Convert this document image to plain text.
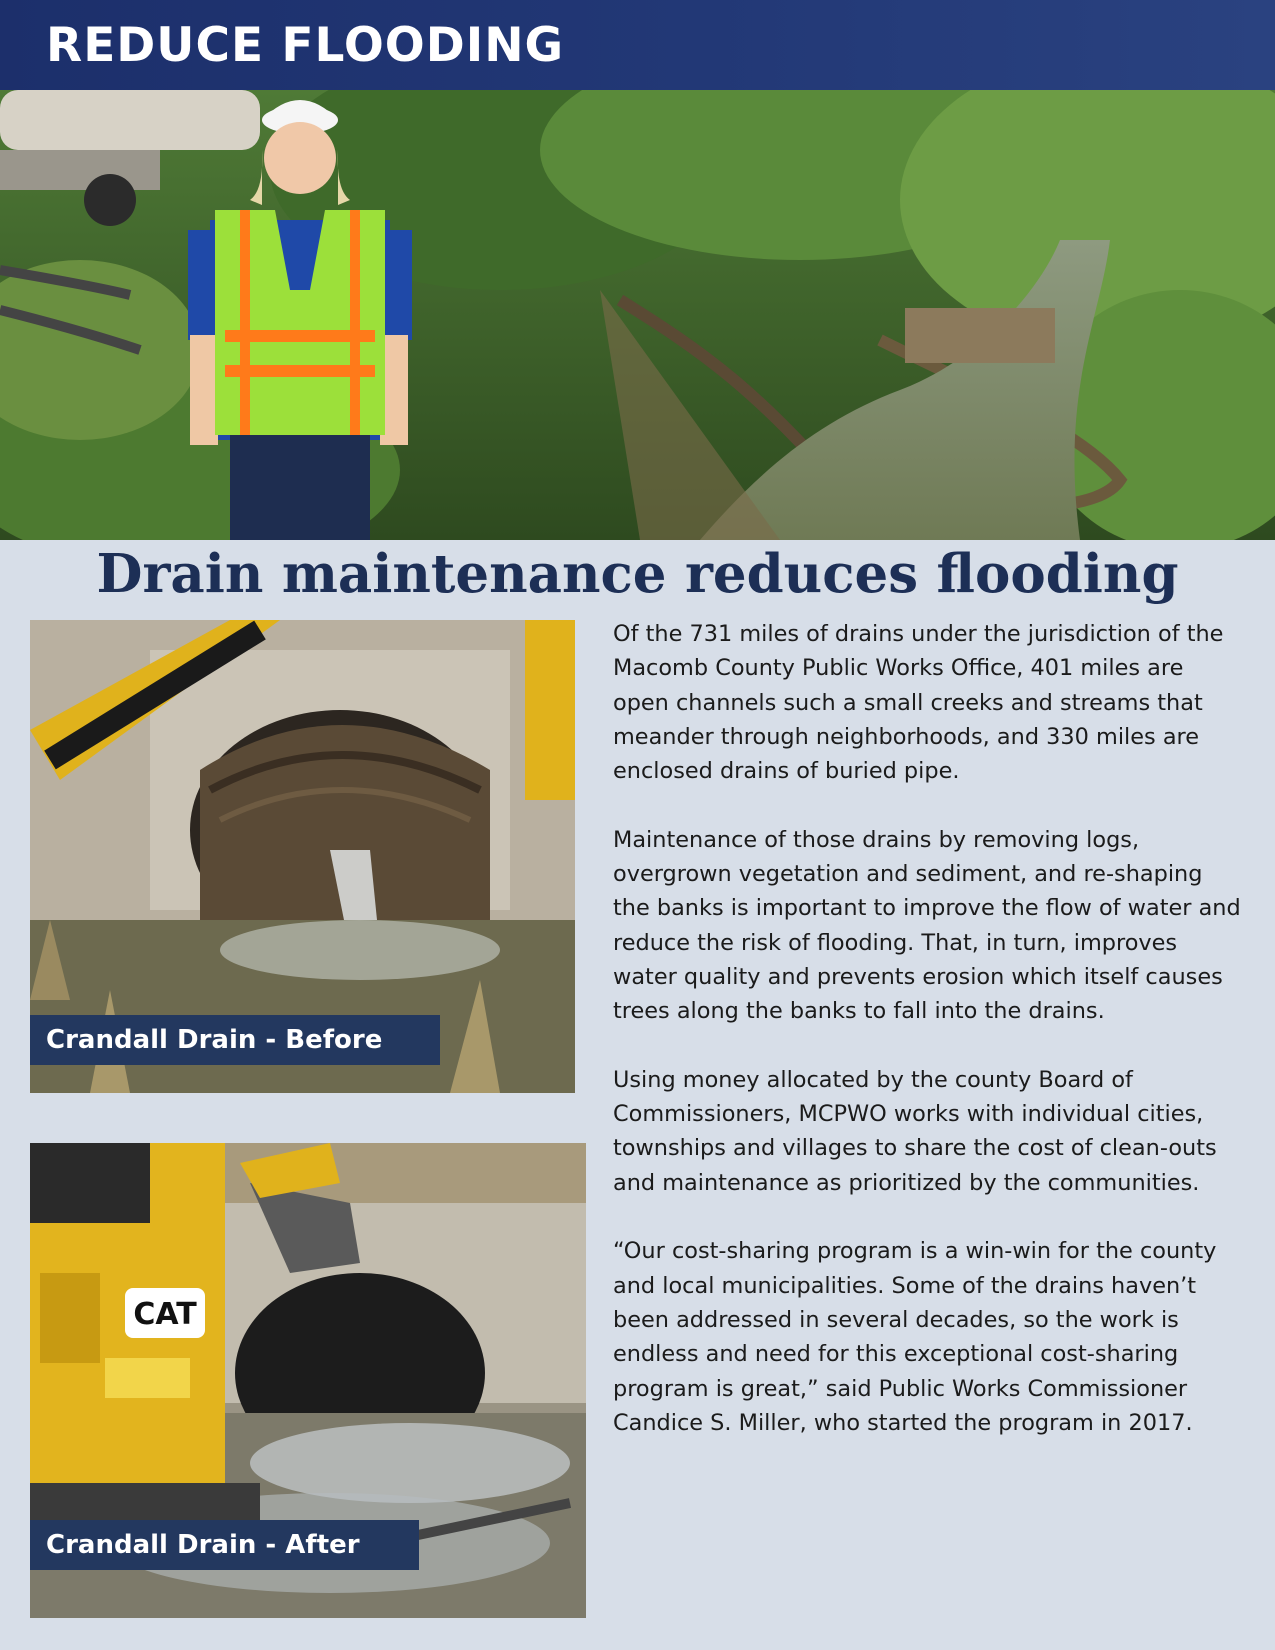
REDUCE FLOODING
Drain maintenance reduces flooding
Crandall Drain - Before
CAT
Crandall Drain - After

Of the 731 miles of drains under the jurisdiction of the Macomb County Public Works Office, 401 miles are open channels such a small creeks and streams that meander through neighborhoods, and 330 miles are enclosed drains of buried pipe.

Maintenance of those drains by removing logs, overgrown vegetation and sediment, and re-shaping the banks is important to improve the flow of water and reduce the risk of flooding. That, in turn, improves water quality and prevents erosion which itself causes trees along the banks to fall into the drains.

Using money allocated by the county Board of Commissioners, MCPWO works with individual cities, townships and villages to share the cost of clean-outs and maintenance as prioritized by the communities.

“Our cost-sharing program is a win-win for the county and local municipalities. Some of the drains haven’t been addressed in several decades, so the work is endless and need for this exceptional cost-sharing program is great,” said Public Works Commissioner Candice S. Miller, who started the program in 2017.
